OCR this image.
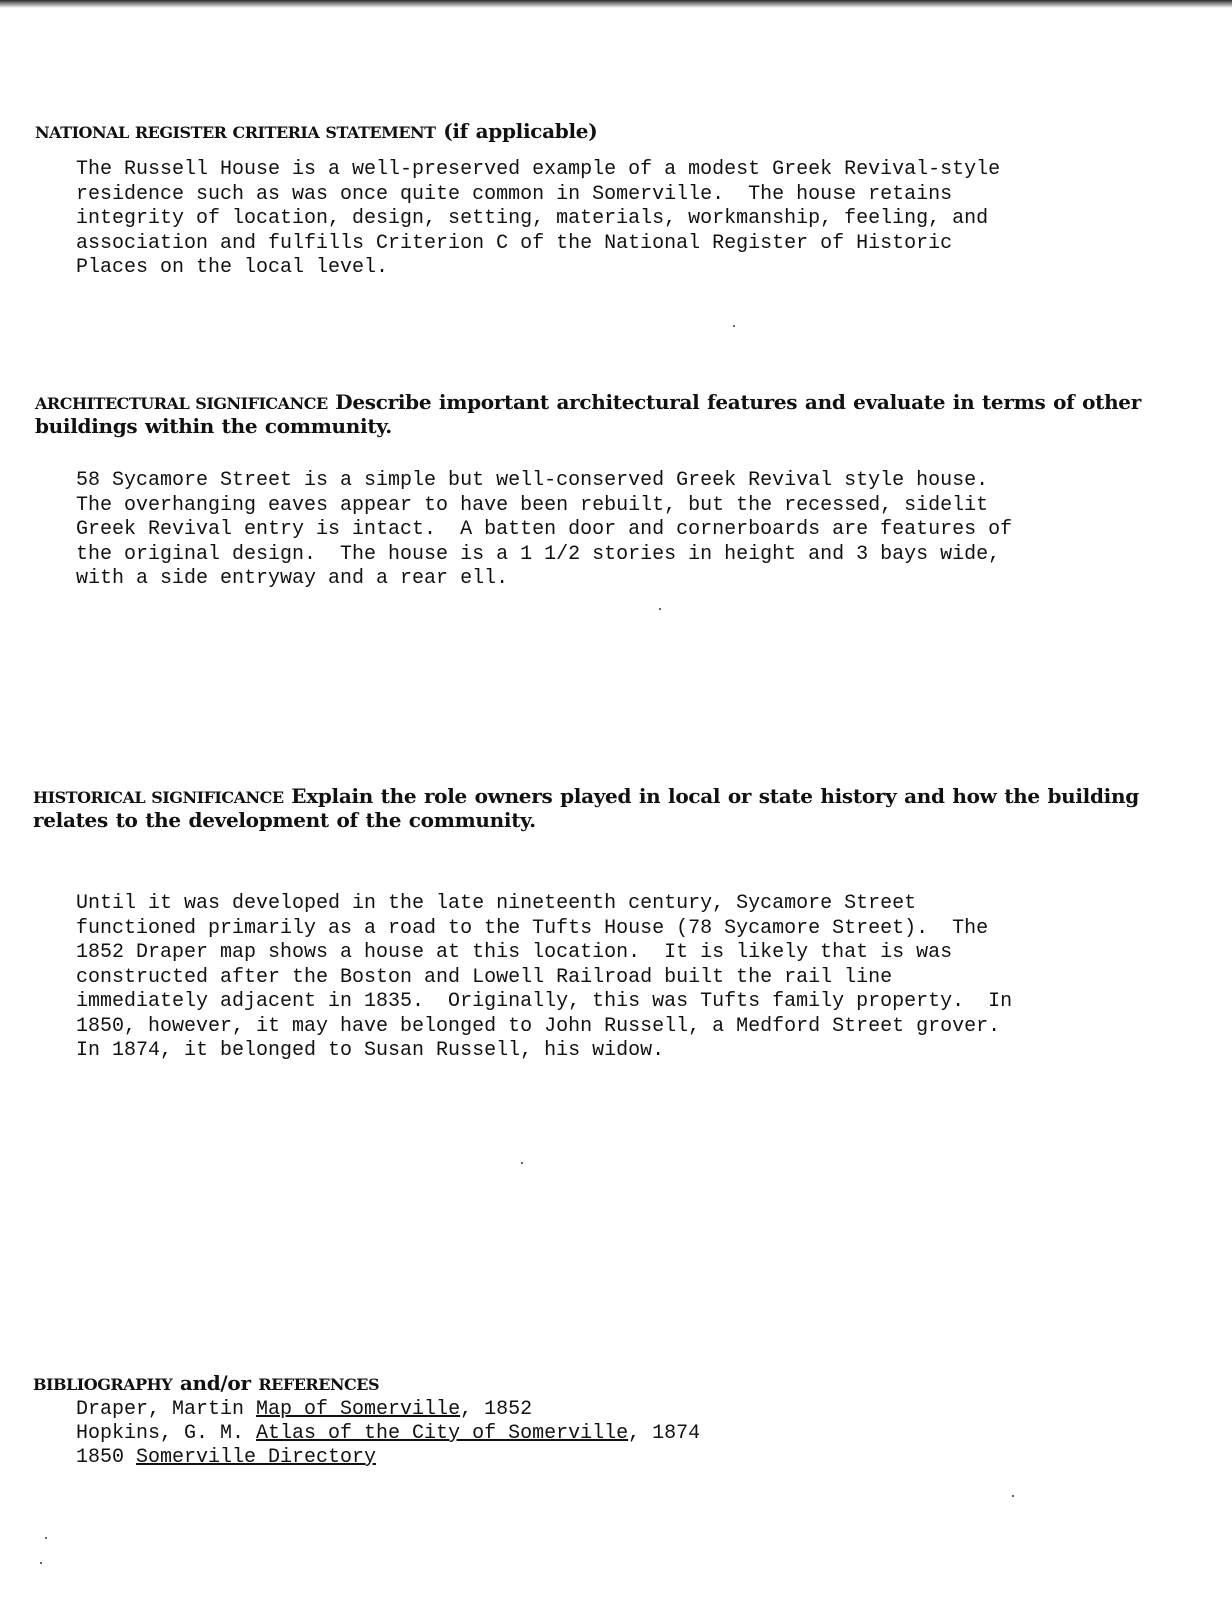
NATIONAL REGISTER CRITERIA STATEMENT (if applicable)
The Russell House is a well-preserved example of a modest Greek Revival-style
residence such as was once quite common in Somerville.  The house retains
integrity of location, design, setting, materials, workmanship, feeling, and
association and fulfills Criterion C of the National Register of Historic
Places on the local level.
ARCHITECTURAL SIGNIFICANCE Describe important architectural features and evaluate in terms of other buildings within the community.
58 Sycamore Street is a simple but well-conserved Greek Revival style house.
The overhanging eaves appear to have been rebuilt, but the recessed, sidelit
Greek Revival entry is intact.  A batten door and cornerboards are features of
the original design.  The house is a 1 1/2 stories in height and 3 bays wide,
with a side entryway and a rear ell.
HISTORICAL SIGNIFICANCE Explain the role owners played in local or state history and how the building relates to the development of the community.
Until it was developed in the late nineteenth century, Sycamore Street
functioned primarily as a road to the Tufts House (78 Sycamore Street).  The
1852 Draper map shows a house at this location.  It is likely that is was
constructed after the Boston and Lowell Railroad built the rail line
immediately adjacent in 1835.  Originally, this was Tufts family property.  In
1850, however, it may have belonged to John Russell, a Medford Street grover.
In 1874, it belonged to Susan Russell, his widow.
BIBLIOGRAPHY and/or REFERENCES
Draper, Martin Map of Somerville, 1852
Hopkins, G. M. Atlas of the City of Somerville, 1874
1850 Somerville Directory
